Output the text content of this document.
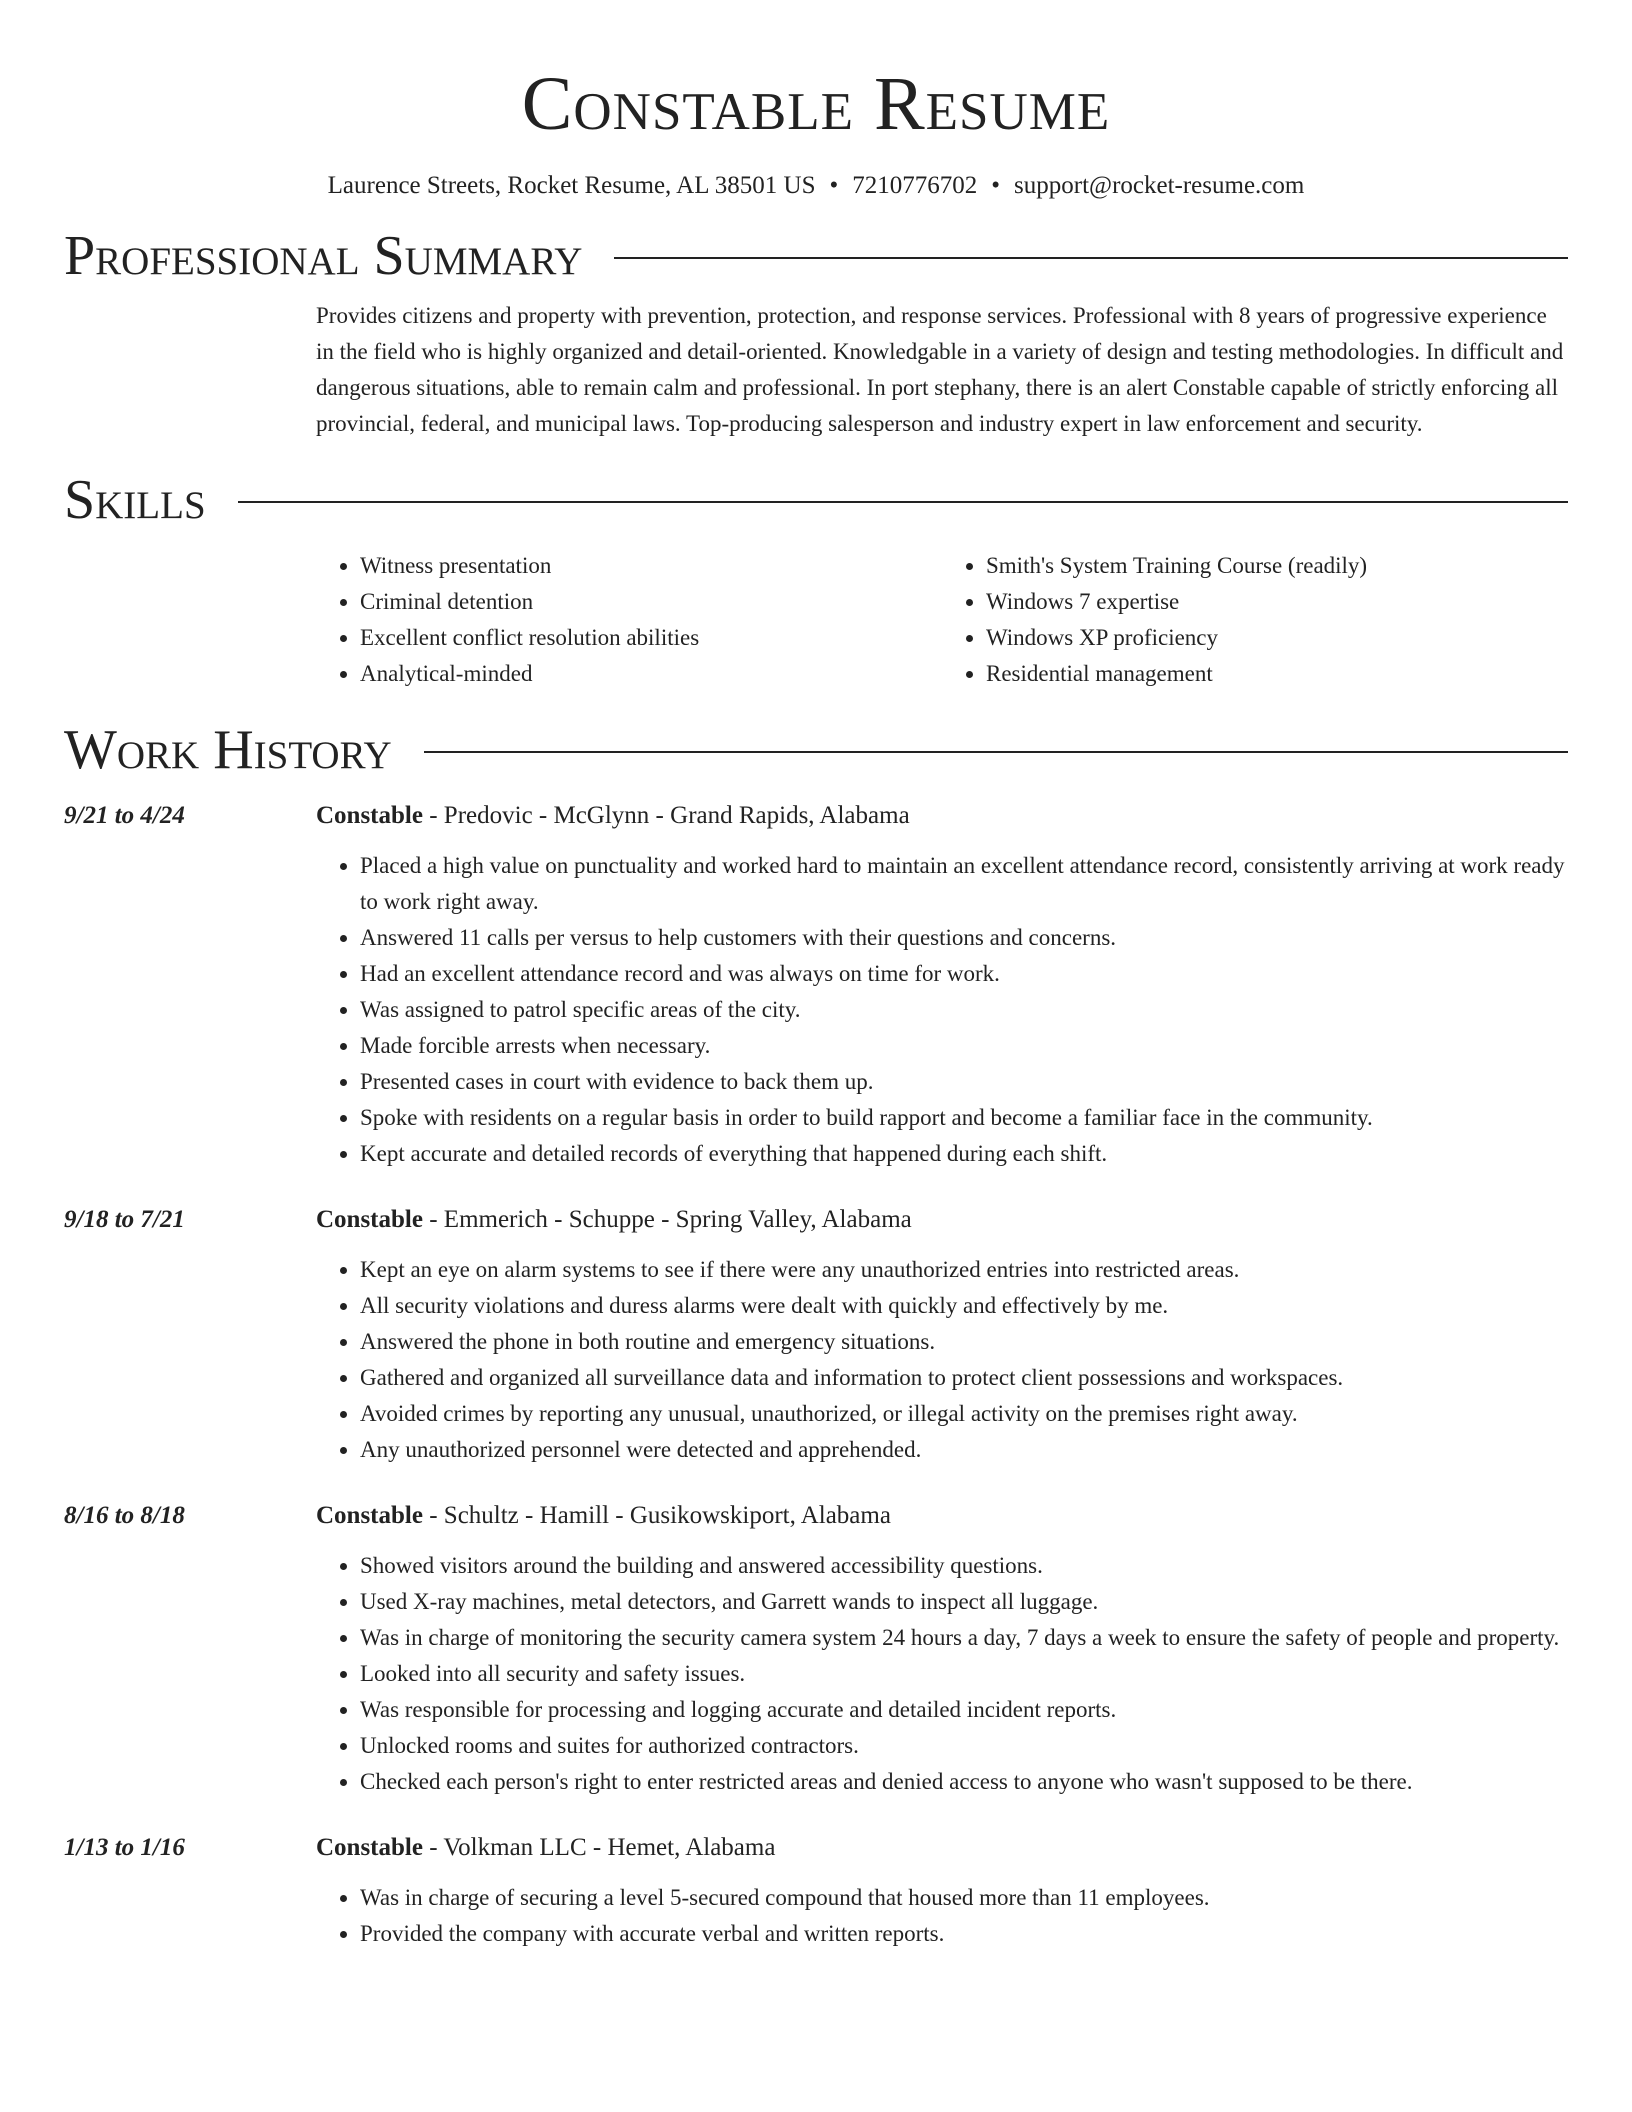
Constable Resume
Laurence Streets, Rocket Resume, AL 38501 US • 7210776702 • support@rocket-resume.com
Professional Summary
Provides citizens and property with prevention, protection, and response services. Professional with 8 years of progressive experience in the field who is highly organized and detail-oriented. Knowledgable in a variety of design and testing methodologies. In difficult and dangerous situations, able to remain calm and professional. In port stephany, there is an alert Constable capable of strictly enforcing all provincial, federal, and municipal laws. Top-producing salesperson and industry expert in law enforcement and security.
Skills
• Witness presentation
• Criminal detention
• Excellent conflict resolution abilities
• Analytical-minded
• Smith's System Training Course (readily)
• Windows 7 expertise
• Windows XP proficiency
• Residential management
Work History
9/21 to 4/24	Constable - Predovic - McGlynn - Grand Rapids, Alabama
• Placed a high value on punctuality and worked hard to maintain an excellent attendance record, consistently arriving at work ready to work right away.
• Answered 11 calls per versus to help customers with their questions and concerns.
• Had an excellent attendance record and was always on time for work.
• Was assigned to patrol specific areas of the city.
• Made forcible arrests when necessary.
• Presented cases in court with evidence to back them up.
• Spoke with residents on a regular basis in order to build rapport and become a familiar face in the community.
• Kept accurate and detailed records of everything that happened during each shift.
9/18 to 7/21	Constable - Emmerich - Schuppe - Spring Valley, Alabama
• Kept an eye on alarm systems to see if there were any unauthorized entries into restricted areas.
• All security violations and duress alarms were dealt with quickly and effectively by me.
• Answered the phone in both routine and emergency situations.
• Gathered and organized all surveillance data and information to protect client possessions and workspaces.
• Avoided crimes by reporting any unusual, unauthorized, or illegal activity on the premises right away.
• Any unauthorized personnel were detected and apprehended.
8/16 to 8/18	Constable - Schultz - Hamill - Gusikowskiport, Alabama
• Showed visitors around the building and answered accessibility questions.
• Used X-ray machines, metal detectors, and Garrett wands to inspect all luggage.
• Was in charge of monitoring the security camera system 24 hours a day, 7 days a week to ensure the safety of people and property.
• Looked into all security and safety issues.
• Was responsible for processing and logging accurate and detailed incident reports.
• Unlocked rooms and suites for authorized contractors.
• Checked each person's right to enter restricted areas and denied access to anyone who wasn't supposed to be there.
1/13 to 1/16	Constable - Volkman LLC - Hemet, Alabama
• Was in charge of securing a level 5-secured compound that housed more than 11 employees.
• Provided the company with accurate verbal and written reports.
